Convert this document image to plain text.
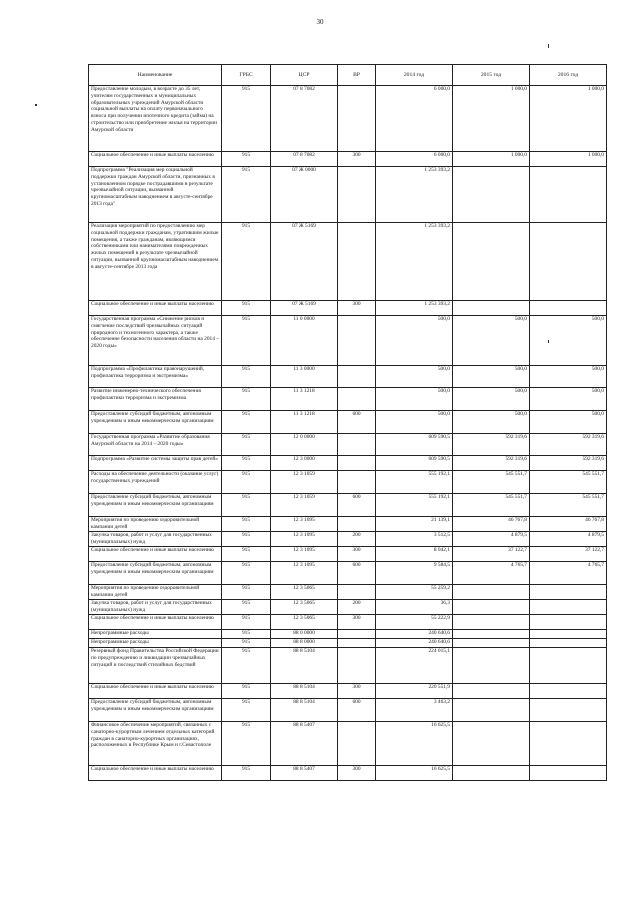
30
Наименование	ГРБС	ЦСР	ВР	2014 год	2015 год	2016 год
Предоставление молодым, в возрасте до 35 лет, учителям государственных и муниципальных образовательных учреждений Амурской области социальной выплаты на оплату первоначального взноса при получении ипотечного кредита (займа) на строительство или приобретение жилья на территории Амурской области	915	07 8 7082		6 000,0	1 000,0	1 000,0
Социальное обеспечение и иные выплаты населению	915	07 8 7082	300	6 000,0	1 000,0	1 000,0
Подпрограмма "Реализация мер социальной поддержки граждан Амурской области, признанных в установленном порядке пострадавшими в результате чрезвычайной ситуации, вызванной крупномасштабным наводнением в августе-сентябре 2013 года"	915	07 Ж 0000		1 253 393,2		
Реализация мероприятий по предоставлению мер социальной поддержки гражданам, утратившим жилые помещения, а также гражданам, являющимся собственниками или нанимателями поврежденных жилых помещений в результате чрезвычайной ситуации, вызванной крупномасштабным наводнением в августе-сентябре 2013 года	915	07 Ж 5169		1 253 393,2		
Социальное обеспечение и иные выплаты населению	915	07 Ж 5169	300	1 253 393,2		
Государственная программа «Снижение рисков и смягчение последствий чрезвычайных ситуаций природного и техногенного характера, а также обеспечение безопасности населения области на 2014 – 2020 годы»	915	11 0 0000		500,0	500,0	500,0
Подпрограмма «Профилактика правонарушений, профилактика терроризма и экстремизма»	915	11 3 0000		500,0	500,0	500,0
Развитие инженерно-технического обеспечения профилактики терроризма и экстремизма	915	11 3 1218		500,0	500,0	500,0
Предоставление субсидий бюджетным, автономным учреждениям и иным некоммерческим организациям	915	11 3 1218	600	500,0	500,0	500,0
Государственная программа «Развитие образования Амурской области на 2014 – 2020 годы»	915	12 0 0000		609 590,5	592 319,6	592 319,6
Подпрограмма «Развитие системы защиты прав детей»	915	12 3 0000		609 590,5	592 319,6	592 319,6
Расходы на обеспечение деятельности (оказание услуг) государственных учреждений	915	12 3 1059		555 192,1	545 551,7	545 551,7
Предоставление субсидий бюджетным, автономным учреждениям и иным некоммерческим организациям	915	12 3 1059	600	555 192,1	545 551,7	545 551,7
Мероприятия по проведению оздоровительной кампании детей	915	12 3 1095		21 139,1	46 767,8	46 767,8
Закупка товаров, работ и услуг для государственных (муниципальных) нужд	915	12 3 1095	200	3 512,5	4 879,5	4 879,5
Социальное обеспечение и иные выплаты населению	915	12 3 1095	300	8 042,1	37 122,7	37 122,7
Предоставление субсидий бюджетным, автономным учреждениям и иным некоммерческим организациям	915	12 3 1095	600	9 584,5	4 765,7	4 765,7
Мероприятия по проведению оздоровительной кампании детей	915	12 3 5065		55 259,2		
Закупка товаров, работ и услуг для государственных (муниципальных) нужд	915	12 3 5065	200	36,3		
Социальное обеспечение и иные выплаты населению	915	12 3 5065	300	55 222,9		
Непрограммные расходы	915	88 0 0000		240 640,6		
Непрограммные расходы	915	88 8 0000		240 640,6		
Резервный фонд Правительства Российской Федерации по предупреждению и ликвидации чрезвычайных ситуаций и последствий стихийных бедствий	915	88 8 5104		224 015,1		
Социальное обеспечение и иные выплаты населению	915	88 8 5104	300	220 551,9		
Предоставление субсидий бюджетным, автономным учреждениям и иным некоммерческим организациям	915	88 8 5104	600	3 463,2		
Финансовое обеспечение мероприятий, связанных с санаторно-курортным лечением отдельных категорий граждан в санаторно-курортных организациях, расположенных в Республике Крым и г.Севастополе	915	88 8 5407		16 625,5		
Социальное обеспечение и иные выплаты населению	915	88 8 5407	300	16 625,5		
